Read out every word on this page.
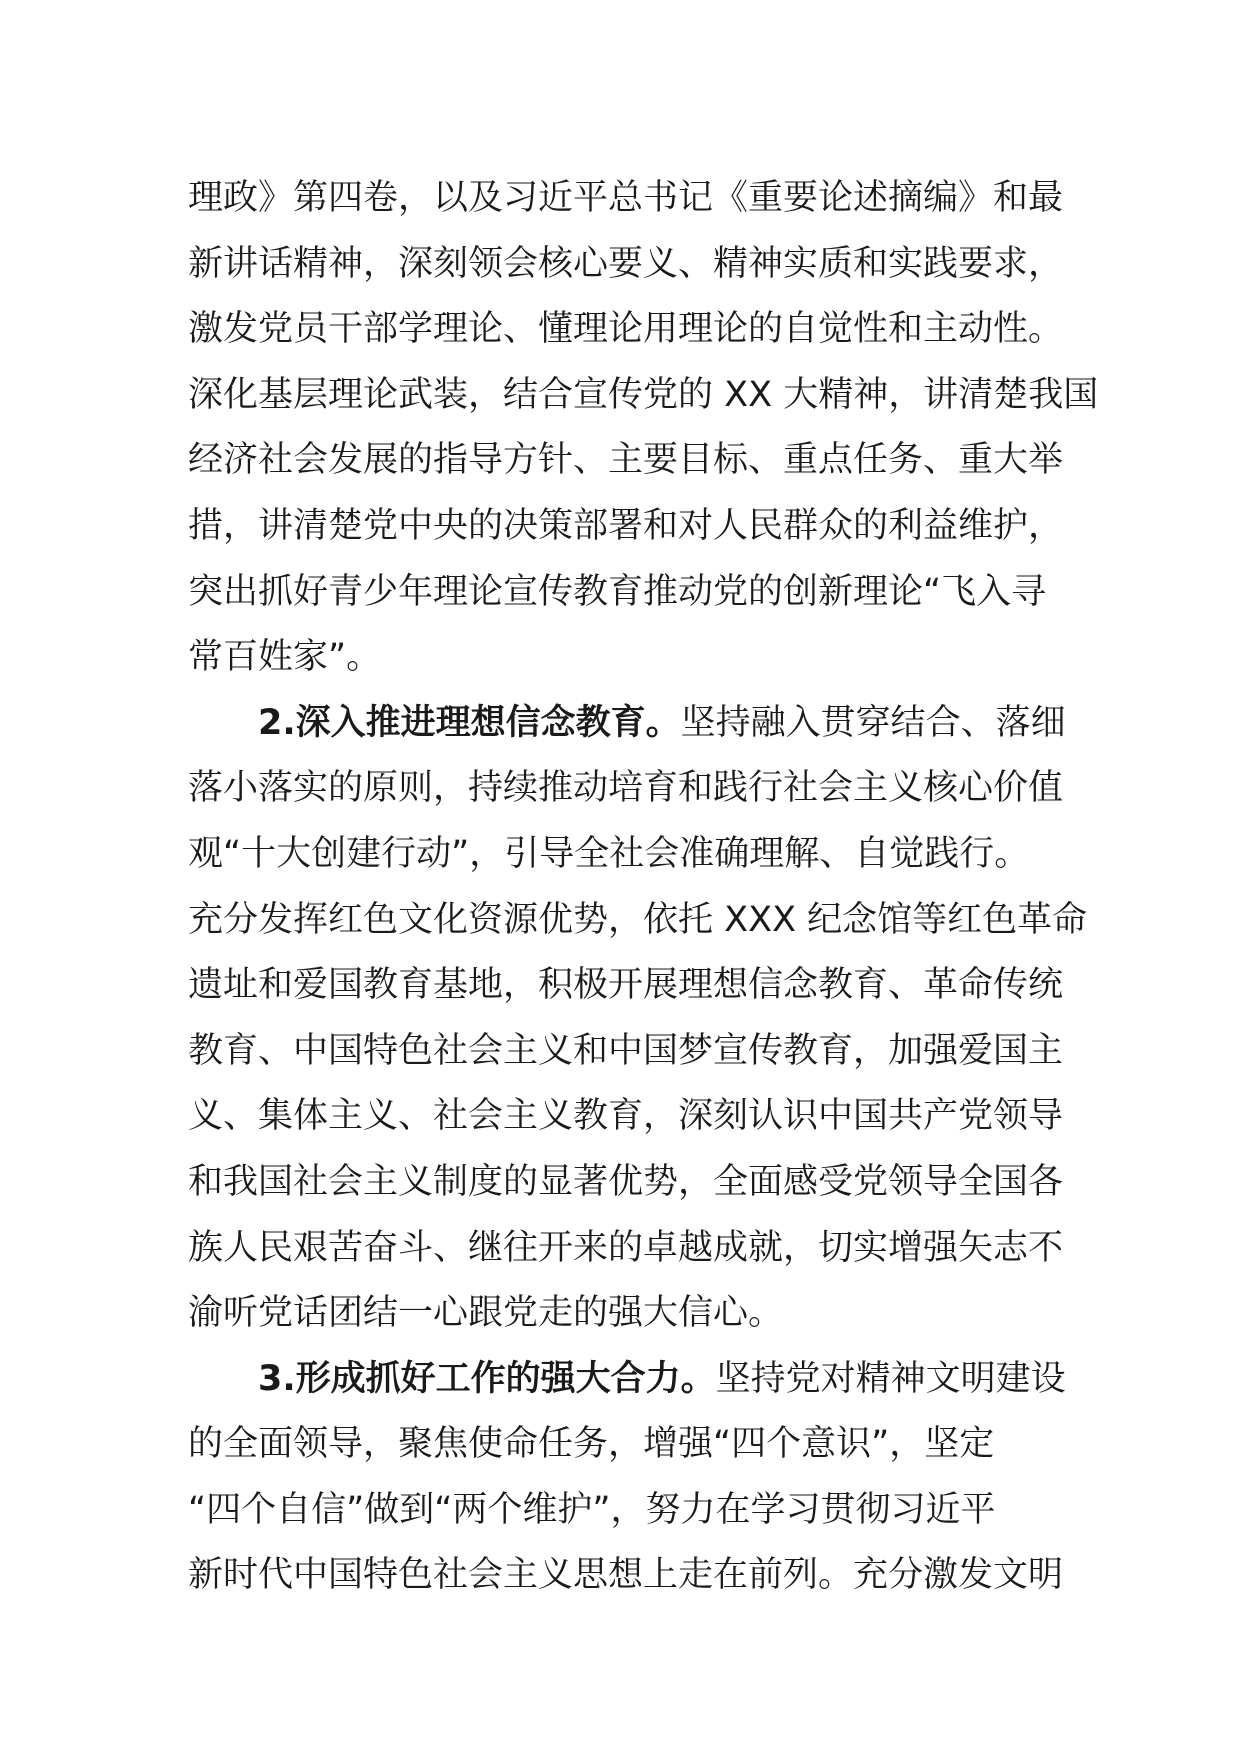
理政》第四卷，以及习近平总书记《重要论述摘编》和最
新讲话精神，深刻领会核心要义、精神实质和实践要求，
激发党员干部学理论、懂理论用理论的自觉性和主动性。
深化基层理论武装，结合宣传党的 XX 大精神，讲清楚我国
经济社会发展的指导方针、主要目标、重点任务、重大举
措，讲清楚党中央的决策部署和对人民群众的利益维护，
突出抓好青少年理论宣传教育推动党的创新理论“飞入寻
常百姓家”。
2.深入推进理想信念教育。坚持融入贯穿结合、落细
落小落实的原则，持续推动培育和践行社会主义核心价值
观“十大创建行动”，引导全社会准确理解、自觉践行。
充分发挥红色文化资源优势，依托 XXX 纪念馆等红色革命
遗址和爱国教育基地，积极开展理想信念教育、革命传统
教育、中国特色社会主义和中国梦宣传教育，加强爱国主
义、集体主义、社会主义教育，深刻认识中国共产党领导
和我国社会主义制度的显著优势，全面感受党领导全国各
族人民艰苦奋斗、继往开来的卓越成就，切实增强矢志不
渝听党话团结一心跟党走的强大信心。
3.形成抓好工作的强大合力。坚持党对精神文明建设
的全面领导，聚焦使命任务，增强“四个意识”，坚定
“四个自信”做到“两个维护”，努力在学习贯彻习近平
新时代中国特色社会主义思想上走在前列。充分激发文明
